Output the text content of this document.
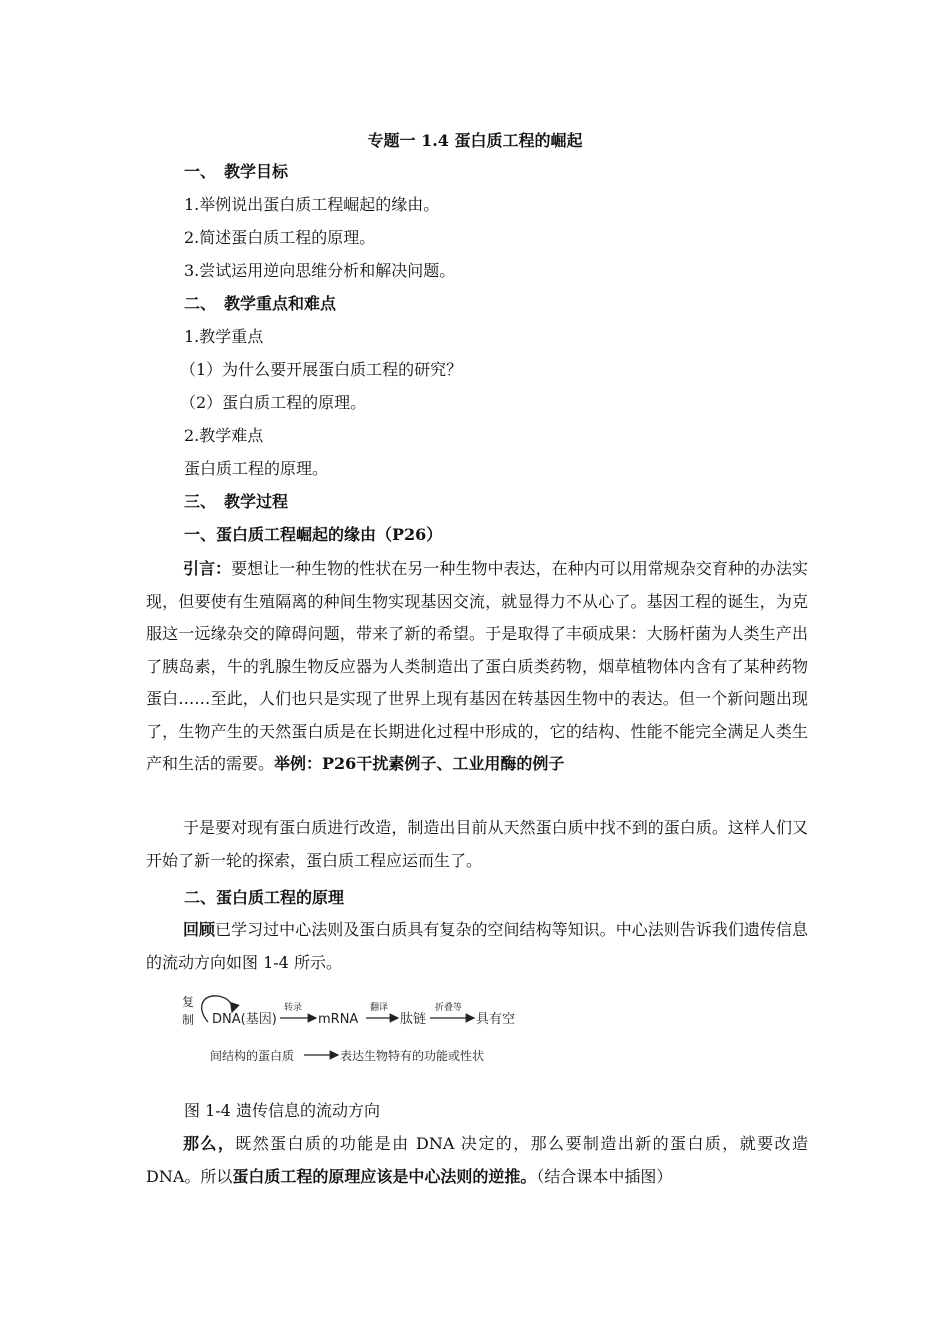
专题一 1.4 蛋白质工程的崛起
一、　教学目标
1.举例说出蛋白质工程崛起的缘由。
2.简述蛋白质工程的原理。
3.尝试运用逆向思维分析和解决问题。
二、　教学重点和难点
1.教学重点
（1）为什么要开展蛋白质工程的研究？
（2）蛋白质工程的原理。
2.教学难点
蛋白质工程的原理。
三、　教学过程
一、蛋白质工程崛起的缘由（P26）
引言：要想让一种生物的性状在另一种生物中表达，在种内可以用常规杂交育种的办法实现，但要使有生殖隔离的种间生物实现基因交流，就显得力不从心了。基因工程的诞生，为克服这一远缘杂交的障碍问题，带来了新的希望。于是取得了丰硕成果：大肠杆菌为人类生产出了胰岛素，牛的乳腺生物反应器为人类制造出了蛋白质类药物，烟草植物体内含有了某种药物蛋白……至此，人们也只是实现了世界上现有基因在转基因生物中的表达。但一个新问题出现了，生物产生的天然蛋白质是在长期进化过程中形成的，它的结构、性能不能完全满足人类生产和生活的需要。举例：P26干扰素例子、工业用酶的例子
于是要对现有蛋白质进行改造，制造出目前从天然蛋白质中找不到的蛋白质。这样人们又开始了新一轮的探索，蛋白质工程应运而生了。
二、蛋白质工程的原理
回顾已学习过中心法则及蛋白质具有复杂的空间结构等知识。中心法则告诉我们遗传信息的流动方向如图 1-4 所示。
复
制 DNA(基因)
转录
mRNA
翻译
肽链
折叠等
具有空
间结构的蛋白质	表达生物特有的功能或性状
图 1-4 遗传信息的流动方向
那么，既然蛋白质的功能是由 DNA 决定的，那么要制造出新的蛋白质，就要改造 DNA。所以蛋白质工程的原理应该是中心法则的逆推。（结合课本中插图）
